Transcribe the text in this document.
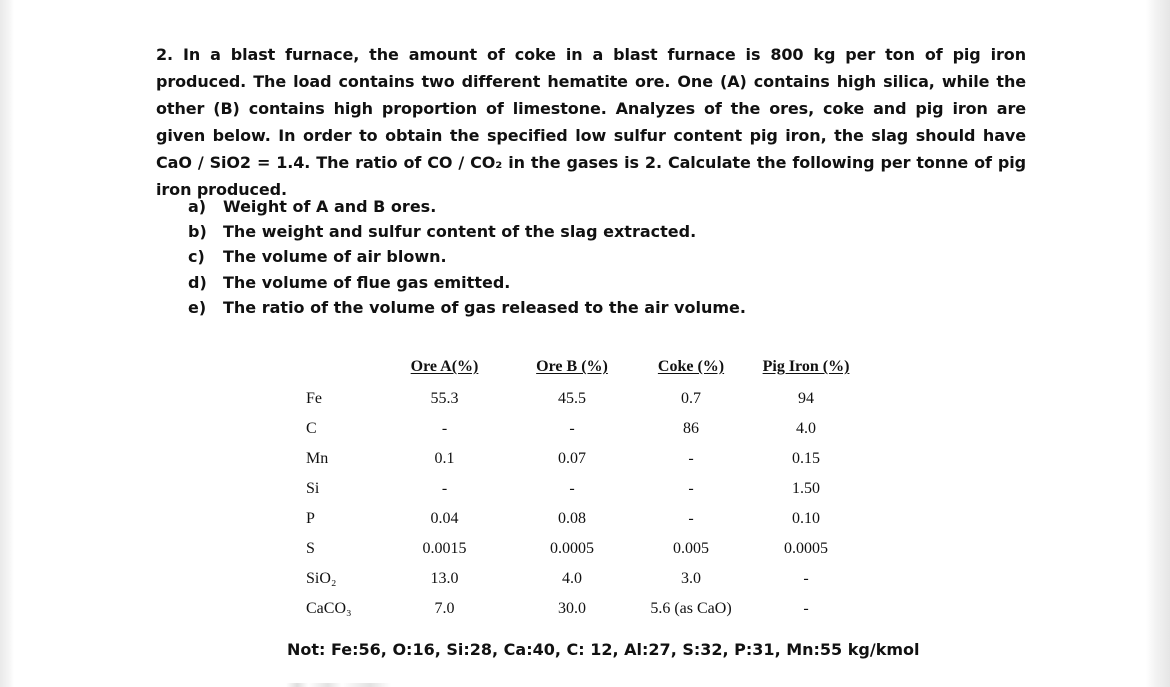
2. In a blast furnace, the amount of coke in a blast furnace is 800 kg per ton of pig iron produced. The load contains two different hematite ore. One (A) contains high silica, while the other (B) contains high proportion of limestone. Analyzes of the ores, coke and pig iron are given below. In order to obtain the specified low sulfur content pig iron, the slag should have CaO / SiO2 = 1.4. The ratio of CO / CO₂ in the gases is 2. Calculate the following per tonne of pig iron produced.
a)	Weight of A and B ores.
b)	The weight and sulfur content of the slag extracted.
c)	The volume of air blown.
d)	The volume of flue gas emitted.
e)	The ratio of the volume of gas released to the air volume.
	Ore A(%)	Ore B (%)	Coke (%)	Pig Iron (%)
Fe	55.3	45.5	0.7	94
C	-	-	86	4.0
Mn	0.1	0.07	-	0.15
Si	-	-	-	1.50
P	0.04	0.08	-	0.10
S	0.0015	0.0005	0.005	0.0005
SiO₂	13.0	4.0	3.0	-
CaCO₃	7.0	30.0	5.6 (as CaO)	-
Not: Fe:56, O:16, Si:28, Ca:40, C: 12, Al:27, S:32, P:31, Mn:55 kg/kmol
